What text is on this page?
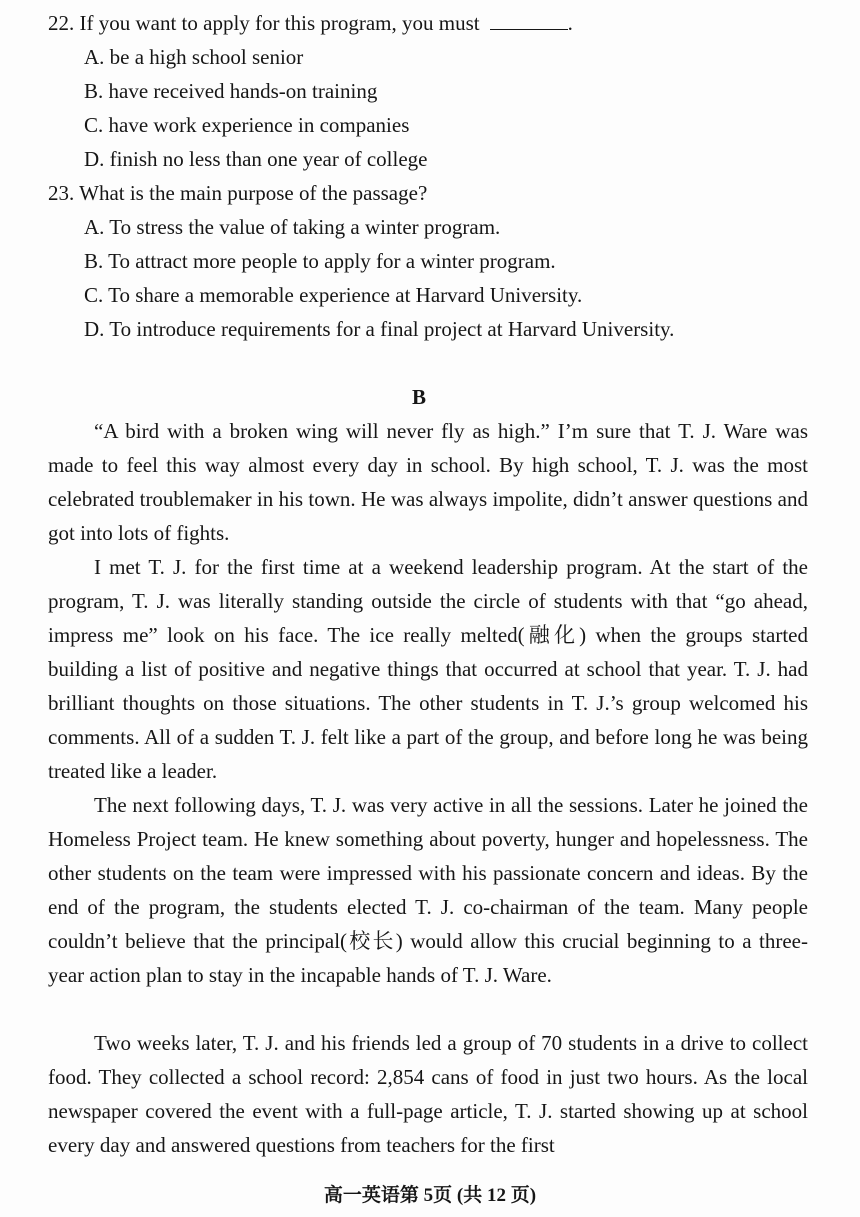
22. If you want to apply for this program, you must	.
A. be a high school senior
B. have received hands-on training
C. have work experience in companies
D. finish no less than one year of college
23. What is the main purpose of the passage?
A. To stress the value of taking a winter program.
B. To attract more people to apply for a winter program.
C. To share a memorable experience at Harvard University.
D. To introduce requirements for a final project at Harvard University.
B
“A bird with a broken wing will never fly as high.” I’m sure that T. J. Ware was made to feel this way almost every day in school. By high school, T. J. was the most celebrated troublemaker in his town. He was always impolite, didn’t answer questions and got into lots of fights.
I met T. J. for the first time at a weekend leadership program. At the start of the program, T. J. was literally standing outside the circle of students with that “go ahead, impress me” look on his face. The ice really melted(融化) when the groups started building a list of positive and negative things that occurred at school that year. T. J. had brilliant thoughts on those situations. The other students in T. J.’s group welcomed his comments. All of a sudden T. J. felt like a part of the group, and before long he was being treated like a leader.
The next following days, T. J. was very active in all the sessions. Later he joined the Homeless Project team. He knew something about poverty, hunger and hopelessness. The other students on the team were impressed with his passionate concern and ideas. By the end of the program, the students elected T. J. co-chairman of the team. Many people couldn’t believe that the principal(校长) would allow this crucial beginning to a three-year action plan to stay in the incapable hands of T. J. Ware.
Two weeks later, T. J. and his friends led a group of 70 students in a drive to collect food. They collected a school record: 2,854 cans of food in just two hours. As the local newspaper covered the event with a full-page article, T. J. started showing up at school every day and answered questions from teachers for the first
高一英语第 5页 (共 12 页)
